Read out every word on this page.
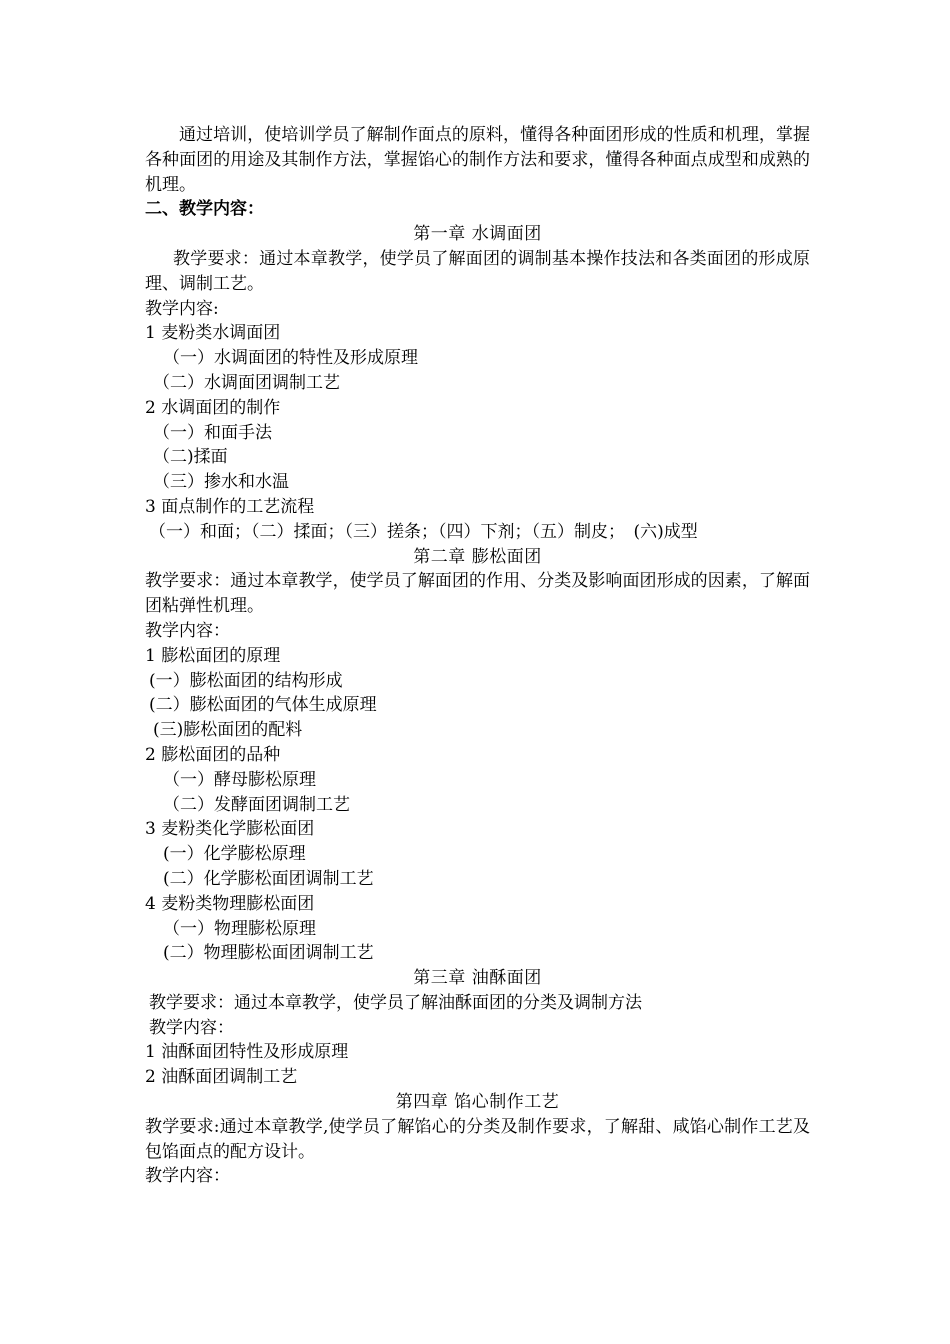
通过培训，使培训学员了解制作面点的原料，懂得各种面团形成的性质和机理，掌握各种面团的用途及其制作方法，掌握馅心的制作方法和要求，懂得各种面点成型和成熟的机理。
二、教学内容：
第一章 水调面团
教学要求：通过本章教学，使学员了解面团的调制基本操作技法和各类面团的形成原理、调制工艺。
教学内容:
1 麦粉类水调面团
（一）水调面团的特性及形成原理
（二）水调面团调制工艺
2 水调面团的制作
（一）和面手法
（二)揉面
（三）掺水和水温
3 面点制作的工艺流程
（一）和面；（二）揉面；（三）搓条；（四）下剂；（五）制皮；　(六)成型
第二章 膨松面团
教学要求：通过本章教学，使学员了解面团的作用、分类及影响面团形成的因素，了解面团粘弹性机理。
教学内容：
1 膨松面团的原理
(一）膨松面团的结构形成
(二）膨松面团的气体生成原理
(三)膨松面团的配料
2 膨松面团的品种
（一）酵母膨松原理
（二）发酵面团调制工艺
3 麦粉类化学膨松面团
(一）化学膨松原理
(二）化学膨松面团调制工艺
4 麦粉类物理膨松面团
（一）物理膨松原理
(二）物理膨松面团调制工艺
第三章 油酥面团
教学要求：通过本章教学，使学员了解油酥面团的分类及调制方法
教学内容：
1 油酥面团特性及形成原理
2 油酥面团调制工艺
第四章 馅心制作工艺
教学要求:通过本章教学,使学员了解馅心的分类及制作要求，了解甜、咸馅心制作工艺及包馅面点的配方设计。
教学内容：
